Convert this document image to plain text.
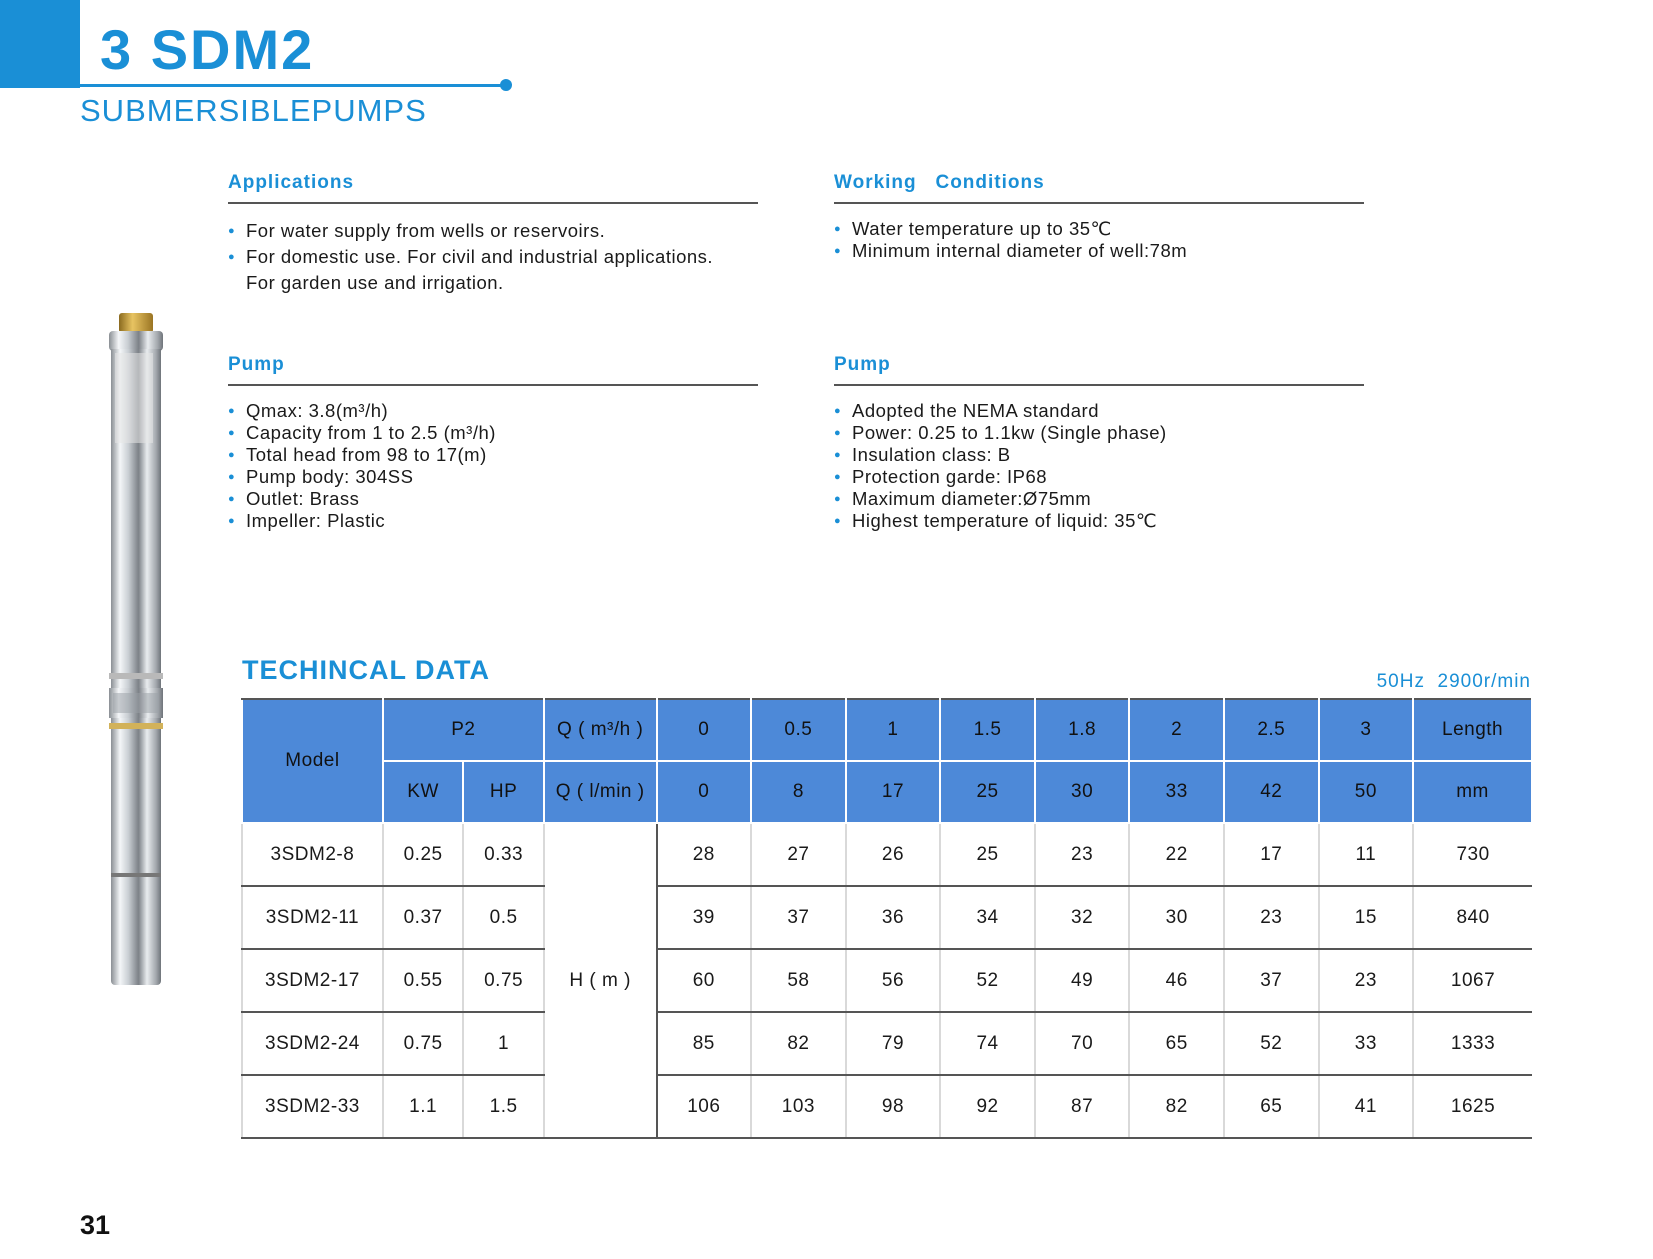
3 SDM2
SUBMERSIBLEPUMPS
Applications
● For water supply from wells or reservoirs.
● For domestic use. For civil and industrial applications.
For garden use and irrigation.
Working   Conditions
● Water temperature up to 35℃
● Minimum internal diameter of well:78m
Pump
● Qmax: 3.8(m³/h)
● Capacity from 1 to 2.5 (m³/h)
● Total head from 98 to 17(m)
● Pump body: 304SS
● Outlet: Brass
● Impeller: Plastic
Pump
● Adopted the NEMA standard
● Power: 0.25 to 1.1kw (Single phase)
● Insulation class: B
● Protection garde: IP68
● Maximum diameter:Ø75mm
● Highest temperature of liquid: 35℃
TECHINCAL DATA	50Hz  2900r/min
Model	P2		Q ( m³/h )	0	0.5	1	1.5	1.8	2	2.5	3	Length
	KW	HP	Q ( l/min )	0	8	17	25	30	33	42	50	mm
3SDM2-8	0.25	0.33	H ( m )	28	27	26	25	23	22	17	11	730
3SDM2-11	0.37	0.5		39	37	36	34	32	30	23	15	840
3SDM2-17	0.55	0.75		60	58	56	52	49	46	37	23	1067
3SDM2-24	0.75	1		85	82	79	74	70	65	52	33	1333
3SDM2-33	1.1	1.5		106	103	98	92	87	82	65	41	1625
31
